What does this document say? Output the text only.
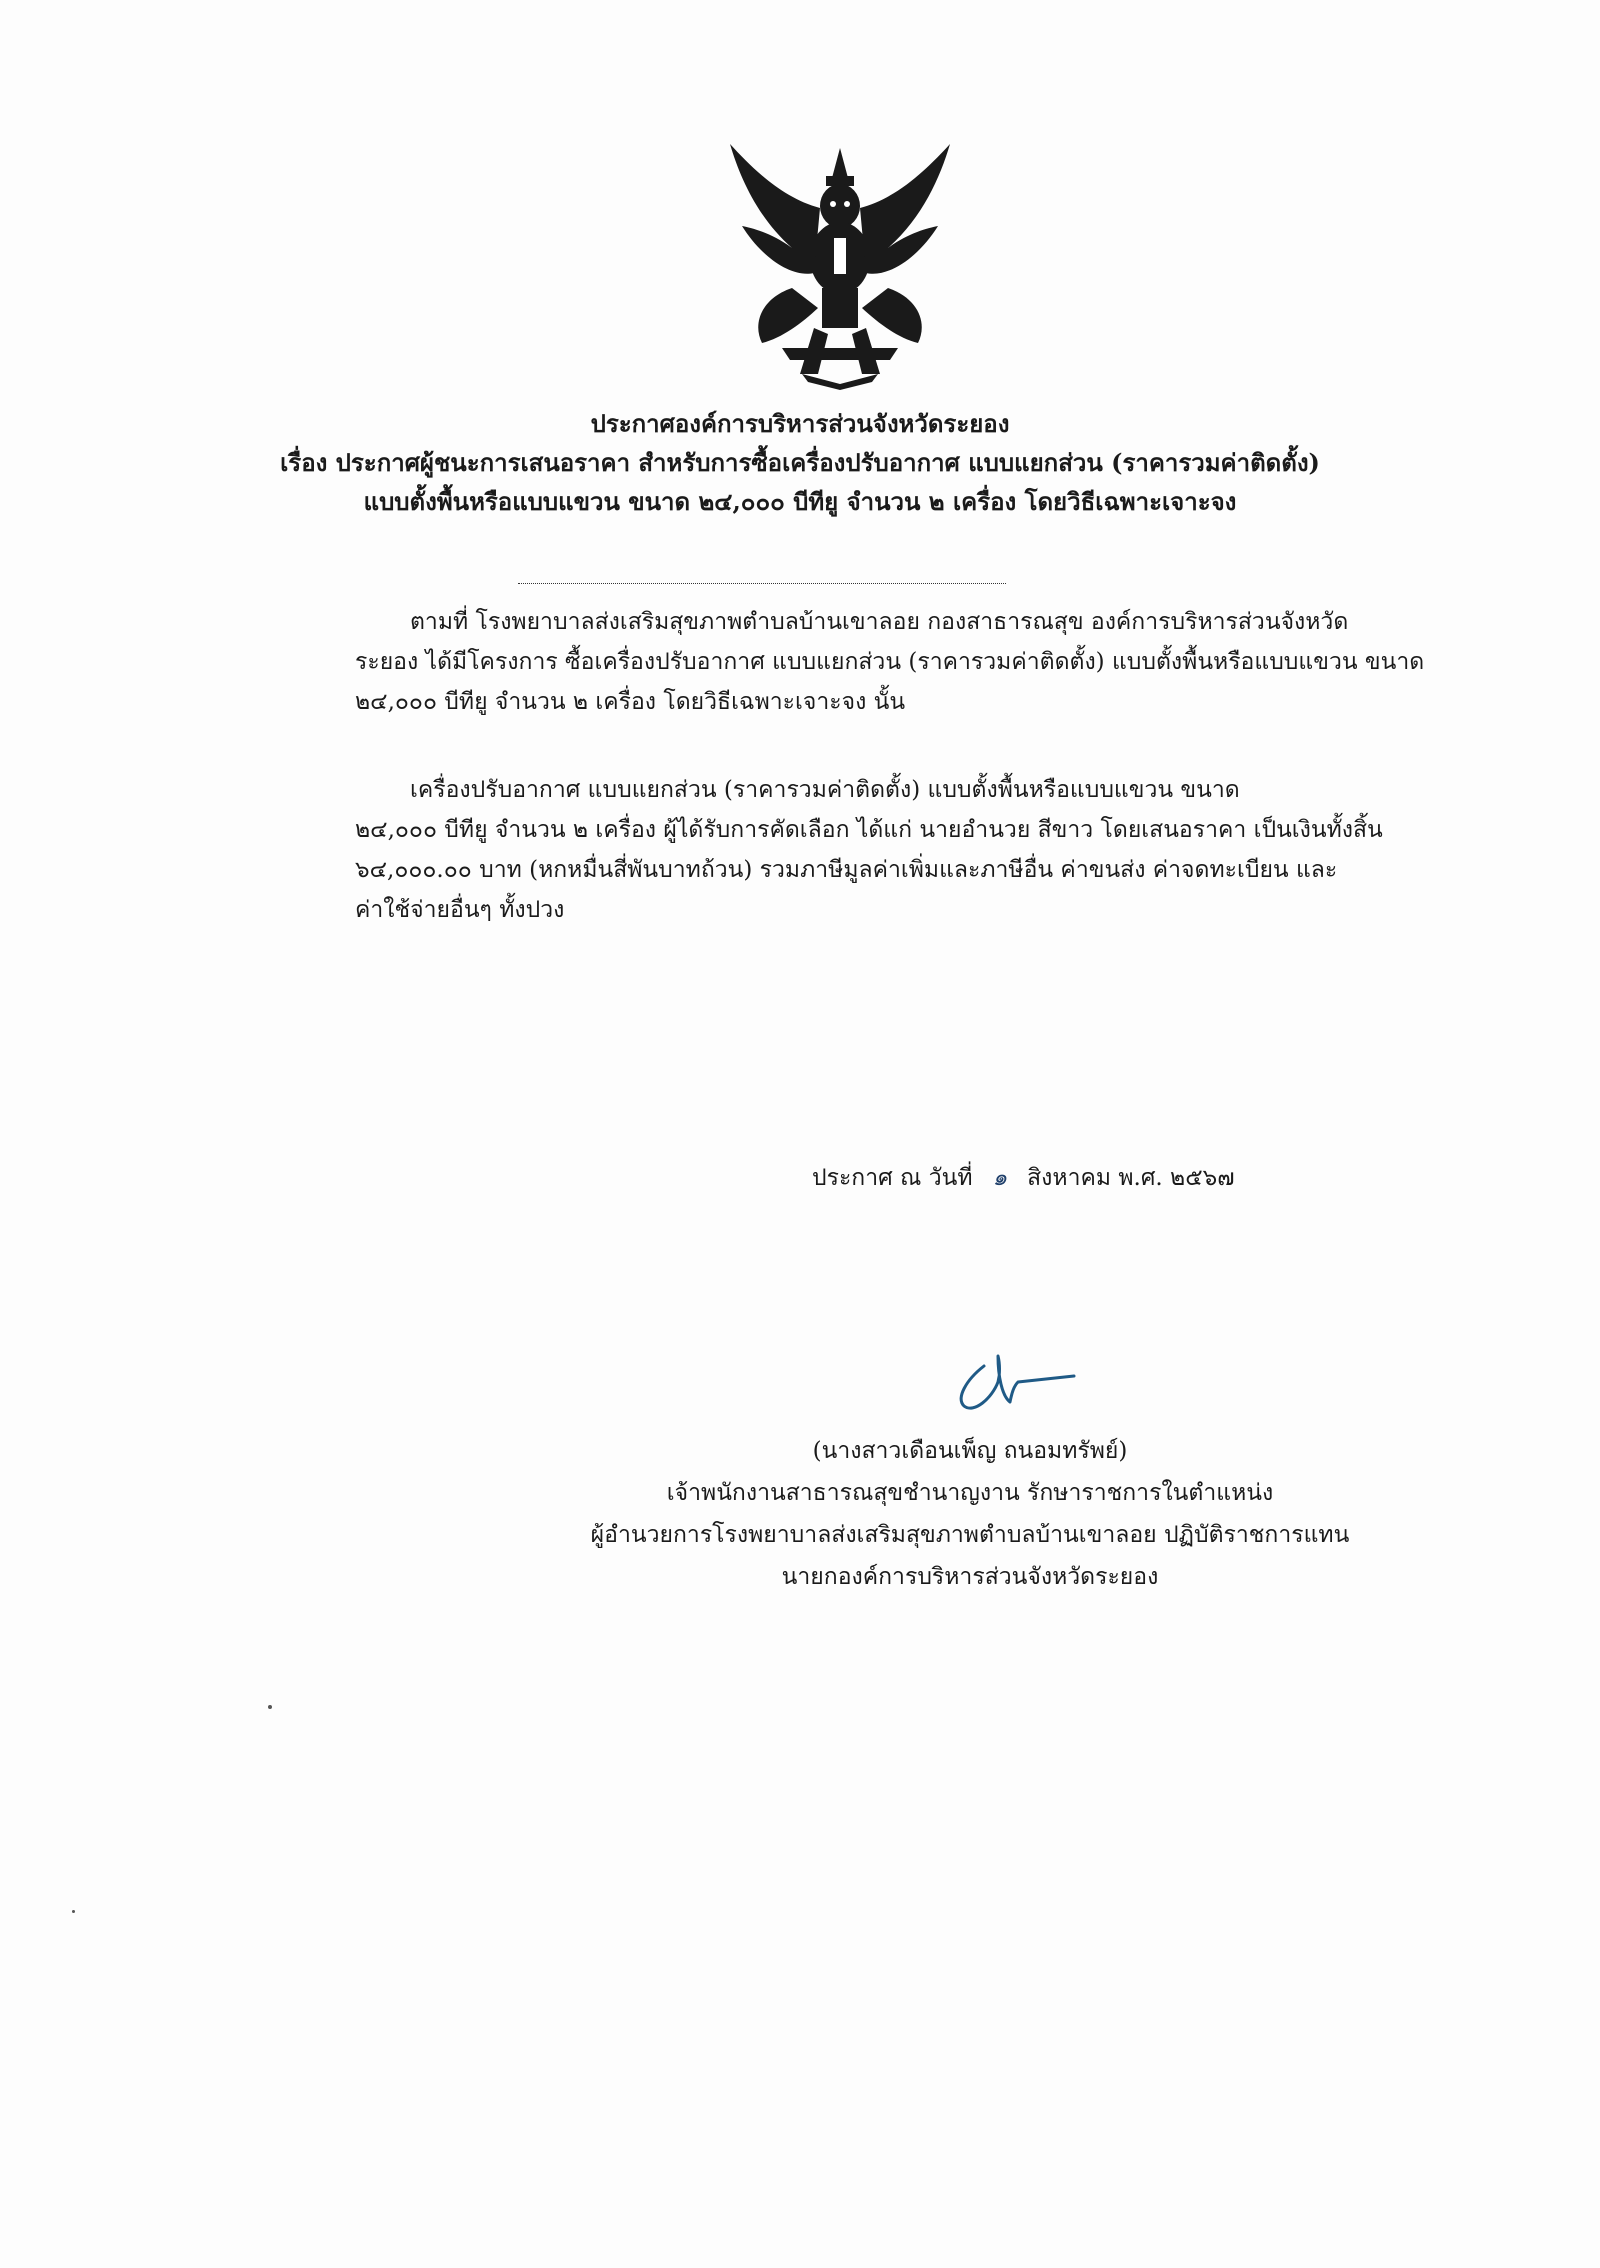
ประกาศองค์การบริหารส่วนจังหวัดระยอง
เรื่อง ประกาศผู้ชนะการเสนอราคา สำหรับการซื้อเครื่องปรับอากาศ แบบแยกส่วน (ราคารวมค่าติดตั้ง)
แบบตั้งพื้นหรือแบบแขวน ขนาด ๒๔,๐๐๐ บีทียู จำนวน ๒ เครื่อง โดยวิธีเฉพาะเจาะจง
ตามที่ โรงพยาบาลส่งเสริมสุขภาพตำบลบ้านเขาลอย กองสาธารณสุข องค์การบริหารส่วนจังหวัด
ระยอง ได้มีโครงการ ซื้อเครื่องปรับอากาศ แบบแยกส่วน (ราคารวมค่าติดตั้ง) แบบตั้งพื้นหรือแบบแขวน ขนาด
๒๔,๐๐๐ บีทียู จำนวน ๒ เครื่อง โดยวิธีเฉพาะเจาะจง นั้น
เครื่องปรับอากาศ แบบแยกส่วน (ราคารวมค่าติดตั้ง) แบบตั้งพื้นหรือแบบแขวน ขนาด
๒๔,๐๐๐ บีทียู จำนวน ๒ เครื่อง ผู้ได้รับการคัดเลือก ได้แก่ นายอำนวย สีขาว โดยเสนอราคา เป็นเงินทั้งสิ้น
๖๔,๐๐๐.๐๐ บาท (หกหมื่นสี่พันบาทถ้วน) รวมภาษีมูลค่าเพิ่มและภาษีอื่น ค่าขนส่ง ค่าจดทะเบียน และ
ค่าใช้จ่ายอื่นๆ ทั้งปวง
ประกาศ ณ วันที่ ๑ สิงหาคม พ.ศ. ๒๕๖๗
(นางสาวเดือนเพ็ญ ถนอมทรัพย์)
เจ้าพนักงานสาธารณสุขชำนาญงาน รักษาราชการในตำแหน่ง
ผู้อำนวยการโรงพยาบาลส่งเสริมสุขภาพตำบลบ้านเขาลอย ปฏิบัติราชการแทน
นายกองค์การบริหารส่วนจังหวัดระยอง
